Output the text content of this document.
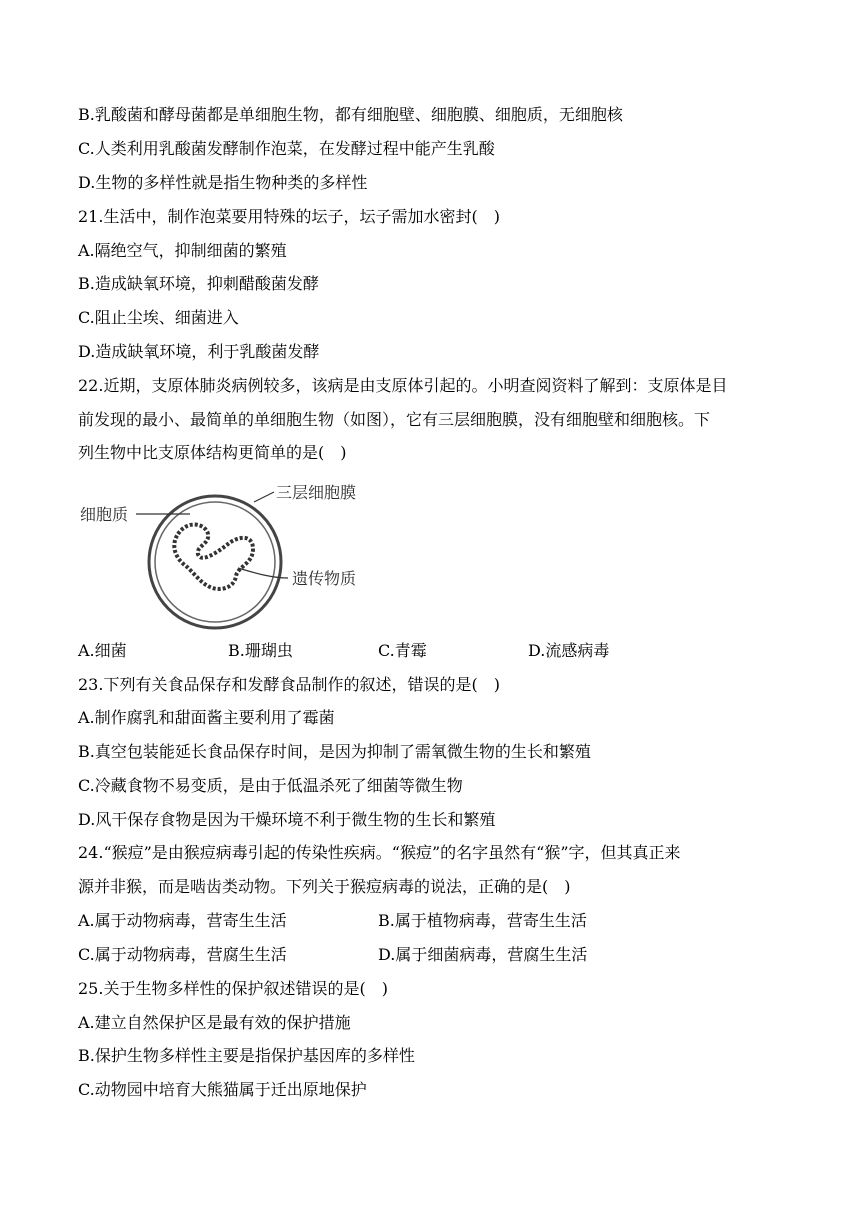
B.乳酸菌和酵母菌都是单细胞生物，都有细胞壁、细胞膜、细胞质，无细胞核
C.人类利用乳酸菌发酵制作泡菜，在发酵过程中能产生乳酸
D.生物的多样性就是指生物种类的多样性
21.生活中，制作泡菜要用特殊的坛子，坛子需加水密封(　)
A.隔绝空气，抑制细菌的繁殖
B.造成缺氧环境，抑刺醋酸菌发酵
C.阻止尘埃、细菌进入
D.造成缺氧环境，利于乳酸菌发酵
22.近期，支原体肺炎病例较多，该病是由支原体引起的。小明查阅资料了解到：支原体是目
前发现的最小、最简单的单细胞生物（如图），它有三层细胞膜，没有细胞壁和细胞核。下
列生物中比支原体结构更简单的是(　)
细胞质
三层细胞膜
遗传物质
A.细菌	B.珊瑚虫	C.青霉	D.流感病毒
23.下列有关食品保存和发酵食品制作的叙述，错误的是(　)
A.制作腐乳和甜面酱主要利用了霉菌
B.真空包装能延长食品保存时间，是因为抑制了需氧微生物的生长和繁殖
C.冷藏食物不易变质，是由于低温杀死了细菌等微生物
D.风干保存食物是因为干燥环境不利于微生物的生长和繁殖
24.“猴痘”是由猴痘病毒引起的传染性疾病。“猴痘”的名字虽然有“猴”字，但其真正来
源并非猴，而是啮齿类动物。下列关于猴痘病毒的说法，正确的是(　)
A.属于动物病毒，营寄生生活	B.属于植物病毒，营寄生生活
C.属于动物病毒，营腐生生活	D.属于细菌病毒，营腐生生活
25.关于生物多样性的保护叙述错误的是(　)
A.建立自然保护区是最有效的保护措施
B.保护生物多样性主要是指保护基因库的多样性
C.动物园中培育大熊猫属于迁出原地保护
